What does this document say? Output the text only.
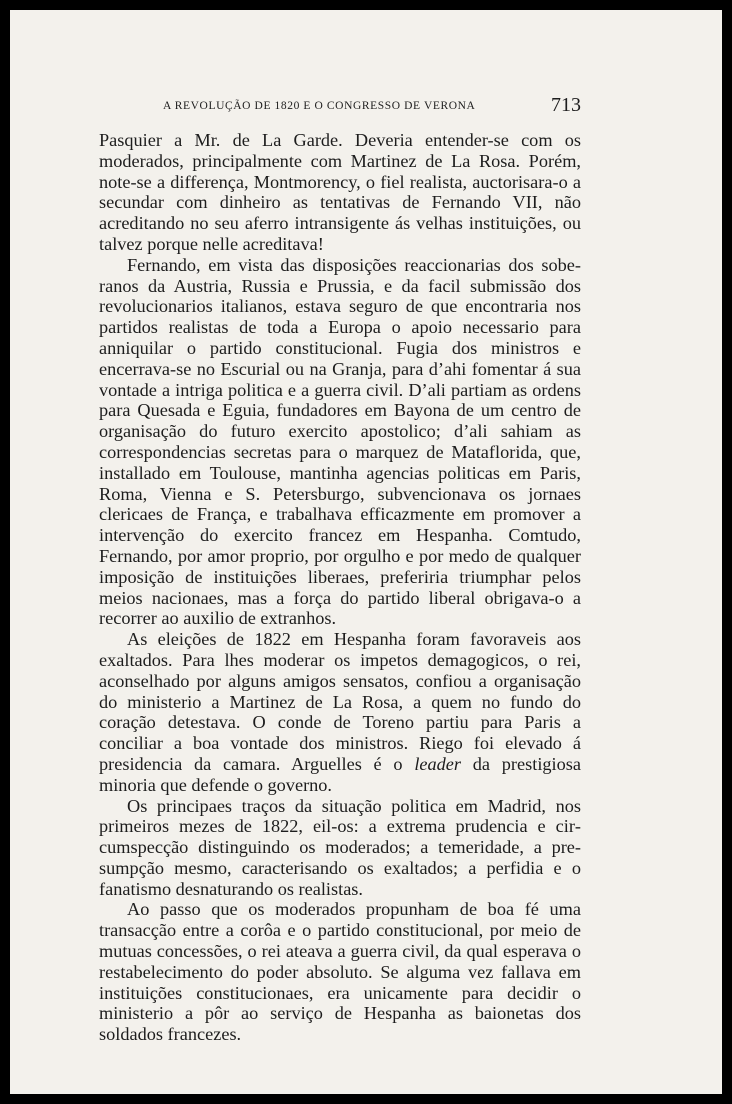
A REVOLUÇÃO DE 1820 E O CONGRESSO DE VERONA	713

Pasquier a Mr. de La Garde. Deveria entender-se com os moderados, principalmente com Martinez de La Rosa. Porém, note-se a differença, Montmorency, o fiel realista, auctorisara-o a secundar com dinheiro as tentativas de Fernando VII, não acreditando no seu aferro intransigente ás velhas instituições, ou talvez porque nelle acreditava!

Fernando, em vista das disposições reaccionarias dos soberanos da Austria, Russia e Prussia, e da facil submissão dos revolucionarios italianos, estava seguro de que encontraria nos partidos realistas de toda a Europa o apoio necessario para anniquilar o partido constitucional. Fugia dos ministros e encerrava-se no Escurial ou na Granja, para d’ahi fomentar á sua vontade a intriga politica e a guerra civil. D’ali partiam as ordens para Quesada e Eguia, fundadores em Bayona de um centro de organisação do futuro exercito apostolico; d’ali sahiam as correspondencias secretas para o marquez de Mataflorida, que, installado em Toulouse, mantinha agencias politicas em Paris, Roma, Vienna e S. Petersburgo, subvencionava os jornaes clericaes de França, e trabalhava efficazmente em promover a intervenção do exercito francez em Hespanha. Comtudo, Fernando, por amor proprio, por orgulho e por medo de qualquer imposição de instituições liberaes, preferiria triumphar pelos meios nacionaes, mas a força do partido liberal obrigava-o a recorrer ao auxilio de extranhos.

As eleições de 1822 em Hespanha foram favoraveis aos exaltados. Para lhes moderar os impetos demagogicos, o rei, aconselhado por alguns amigos sensatos, confiou a organisação do ministerio a Martinez de La Rosa, a quem no fundo do coração detestava. O conde de Toreno partiu para Paris a conciliar a boa vontade dos ministros. Riego foi elevado á presidencia da camara. Arguelles é o leader da prestigiosa minoria que defende o governo.

Os principaes traços da situação politica em Madrid, nos primeiros mezes de 1822, eil-os: a extrema prudencia e circumspecção distinguindo os moderados; a temeridade, a presumpção mesmo, caracterisando os exaltados; a perfidia e o fanatismo desnaturando os realistas.

Ao passo que os moderados propunham de boa fé uma transacção entre a corôa e o partido constitucional, por meio de mutuas concessões, o rei ateava a guerra civil, da qual esperava o restabelecimento do poder absoluto. Se alguma vez fallava em instituições constitucionaes, era unicamente para decidir o ministerio a pôr ao serviço de Hespanha as baionetas dos soldados francezes.
